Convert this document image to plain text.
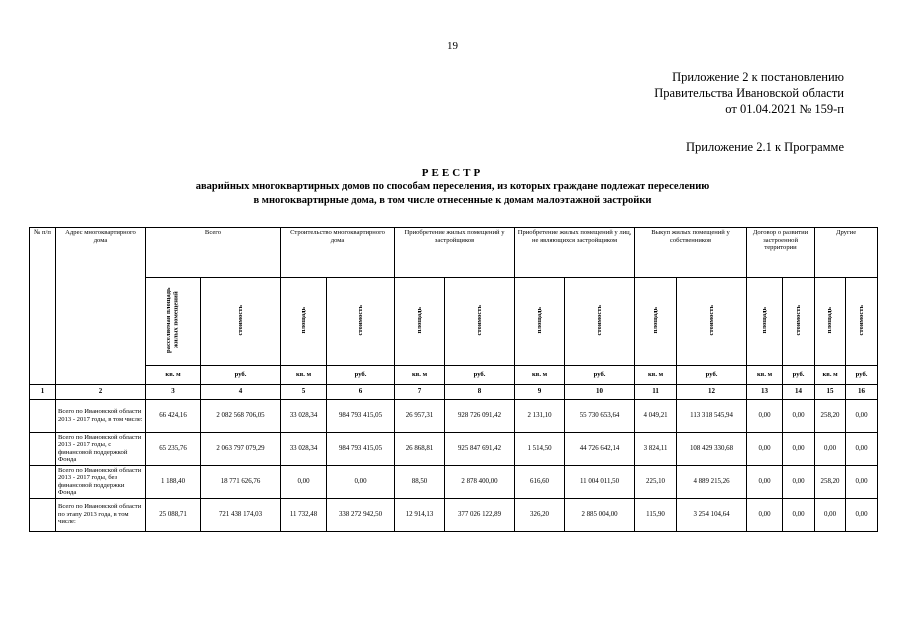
19
Приложение 2 к постановлению
Правительства Ивановской области
от 01.04.2021 № 159-п
Приложение 2.1 к Программе
РЕЕСТР
аварийных многоквартирных домов по способам переселения, из которых граждане подлежат переселению
в многоквартирные дома, в том числе отнесенные к домам малоэтажной застройки
№ п/п	Адрес многоквартирного дома	Всего		Строительство многоквартирного дома		Приобретение жилых помещений у застройщиков		Приобретение жилых помещений у лиц, не являющихся застройщиком		Выкуп жилых помещений у собственников		Договор о развитии застроенной территории		Другие	
		расселяемая площадь жилых помещений	стоимость	площадь	стоимость	площадь	стоимость	площадь	стоимость	площадь	стоимость	площадь	стоимость	площадь	стоимость
		кв. м	руб.	кв. м	руб.	кв. м	руб.	кв. м	руб.	кв. м	руб.	кв. м	руб.	кв. м	руб.
1	2	3	4	5	6	7	8	9	10	11	12	13	14	15	16
	Всего по Ивановской области 2013 - 2017 годы, в том числе:	66 424,16	2 082 568 706,05	33 028,34	984 793 415,05	26 957,31	928 726 091,42	2 131,10	55 730 653,64	4 049,21	113 318 545,94	0,00	0,00	258,20	0,00
	Всего по Ивановской области 2013 - 2017 годы, с финансовой поддержкой Фонда	65 235,76	2 063 797 079,29	33 028,34	984 793 415,05	26 868,81	925 847 691,42	1 514,50	44 726 642,14	3 824,11	108 429 330,68	0,00	0,00	0,00	0,00
	Всего по Ивановской области 2013 - 2017 годы, без финансовой поддержки Фонда	1 188,40	18 771 626,76	0,00	0,00	88,50	2 878 400,00	616,60	11 004 011,50	225,10	4 889 215,26	0,00	0,00	258,20	0,00
	Всего по Ивановской области по этапу 2013 года, в том числе:	25 088,71	721 438 174,03	11 732,48	338 272 942,50	12 914,13	377 026 122,89	326,20	2 885 004,00	115,90	3 254 104,64	0,00	0,00	0,00	0,00
